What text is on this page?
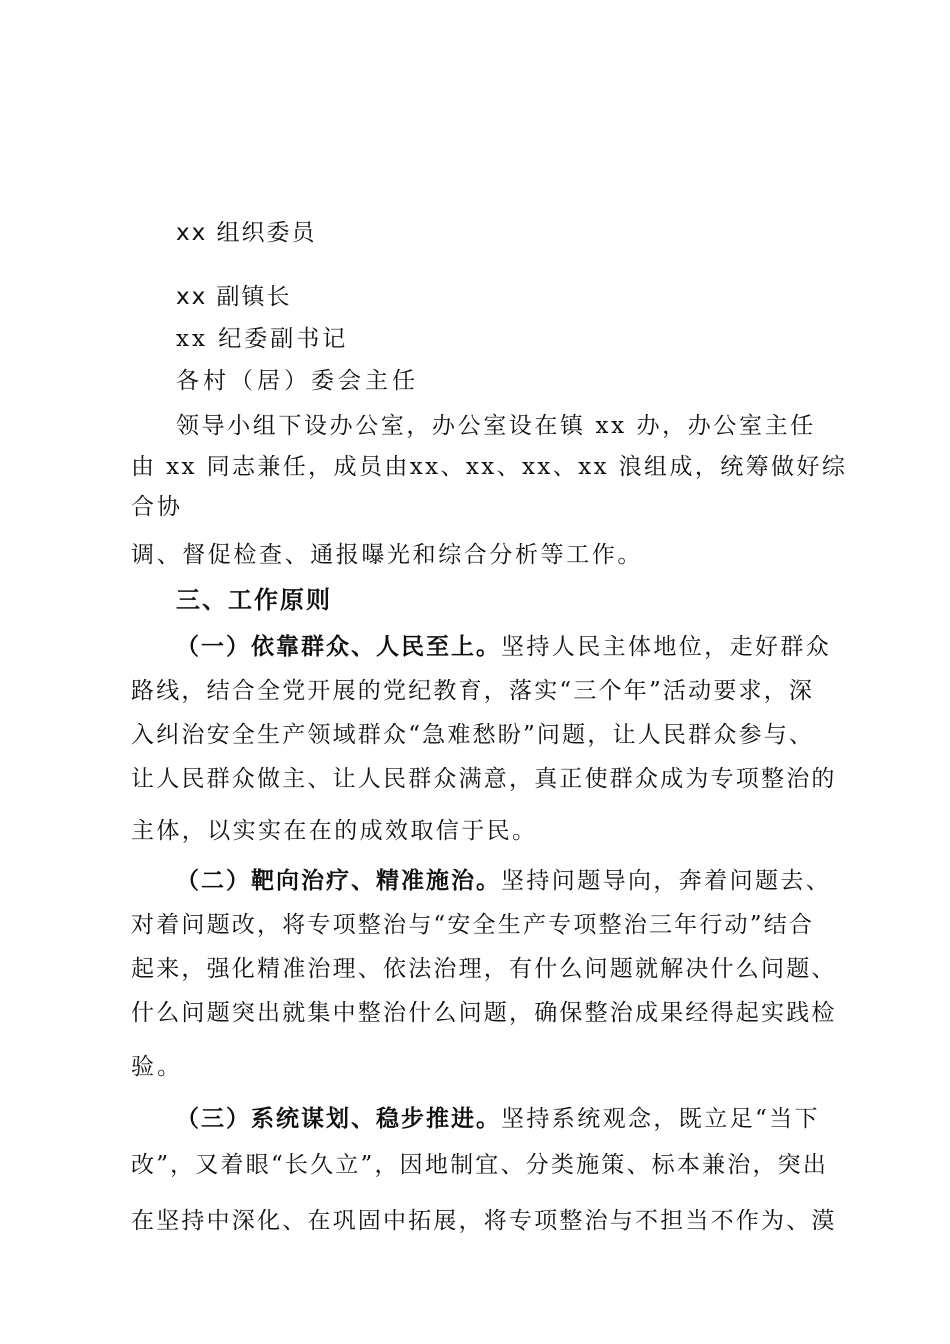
xx 组织委员
xx 副镇长
xx 纪委副书记
各村（居）委会主任
领导小组下设办公室，办公室设在镇 xx 办，办公室主任
由 xx 同志兼任，成员由xx、xx、xx、xx 浪组成，统筹做好综
合协
调、督促检查、通报曝光和综合分析等工作。
三、工作原则
（一）依靠群众、人民至上。坚持人民主体地位，走好群众
路线，结合全党开展的党纪教育，落实“三个年”活动要求，深
入纠治安全生产领域群众“急难愁盼”问题，让人民群众参与、
让人民群众做主、让人民群众满意，真正使群众成为专项整治的
主体，以实实在在的成效取信于民。
（二）靶向治疗、精准施治。坚持问题导向，奔着问题去、
对着问题改，将专项整治与“安全生产专项整治三年行动”结合
起来，强化精准治理、依法治理，有什么问题就解决什么问题、
什么问题突出就集中整治什么问题，确保整治成果经得起实践检
验。
（三）系统谋划、稳步推进。坚持系统观念，既立足“当下
改”，又着眼“长久立”，因地制宜、分类施策、标本兼治，突出
在坚持中深化、在巩固中拓展，将专项整治与不担当不作为、漠
